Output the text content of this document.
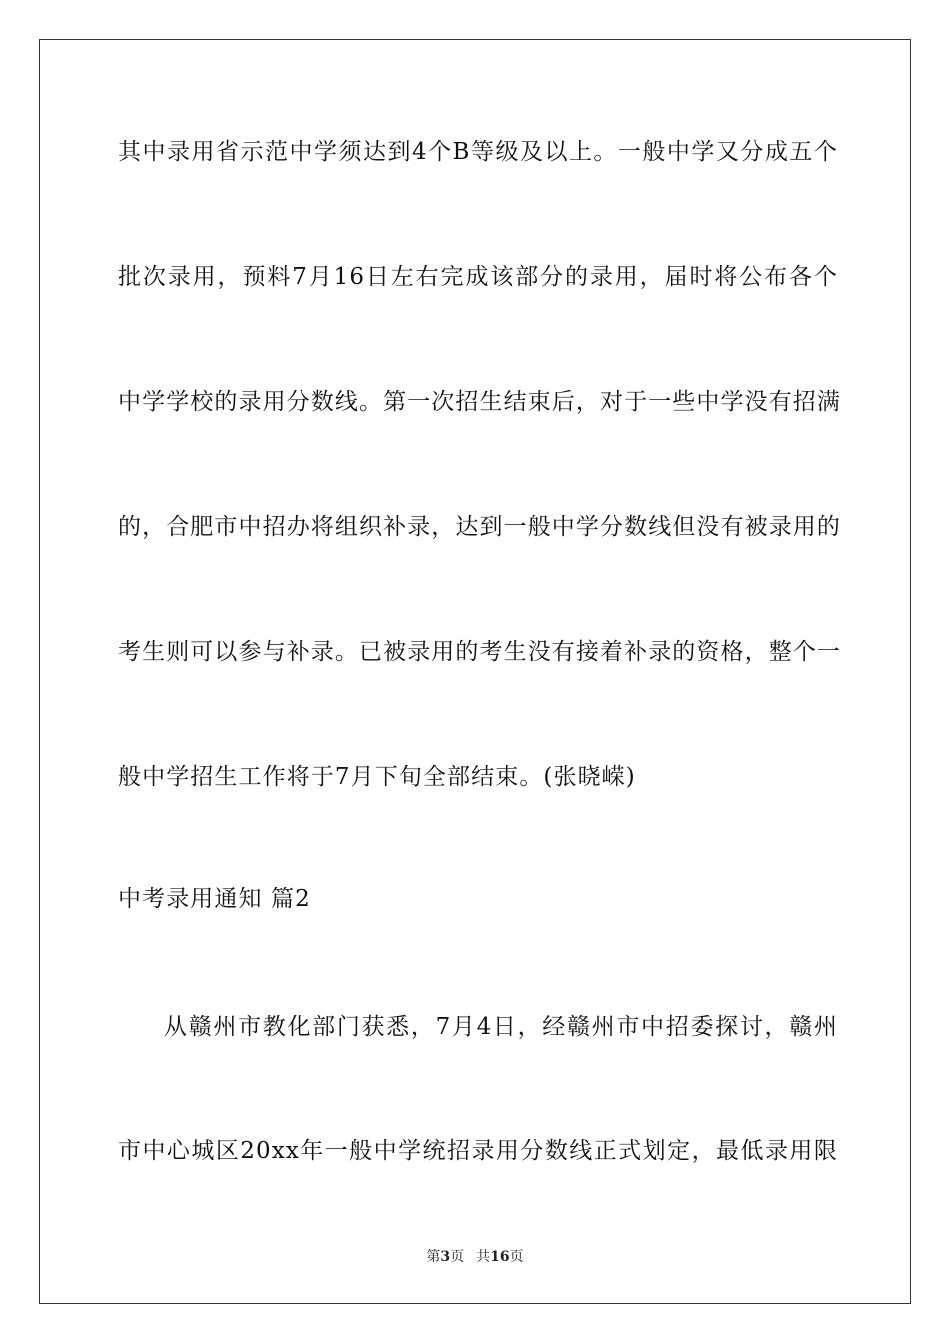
其中录用省示范中学须达到4个B等级及以上。一般中学又分成五个
批次录用，预料7月16日左右完成该部分的录用，届时将公布各个
中学学校的录用分数线。第一次招生结束后，对于一些中学没有招满
的，合肥市中招办将组织补录，达到一般中学分数线但没有被录用的
考生则可以参与补录。已被录用的考生没有接着补录的资格，整个一
般中学招生工作将于7月下旬全部结束。(张晓嵘)
中考录用通知 篇2
从赣州市教化部门获悉，7月4日，经赣州市中招委探讨，赣州
市中心城区20xx年一般中学统招录用分数线正式划定，最低录用限
第3页 共16页
